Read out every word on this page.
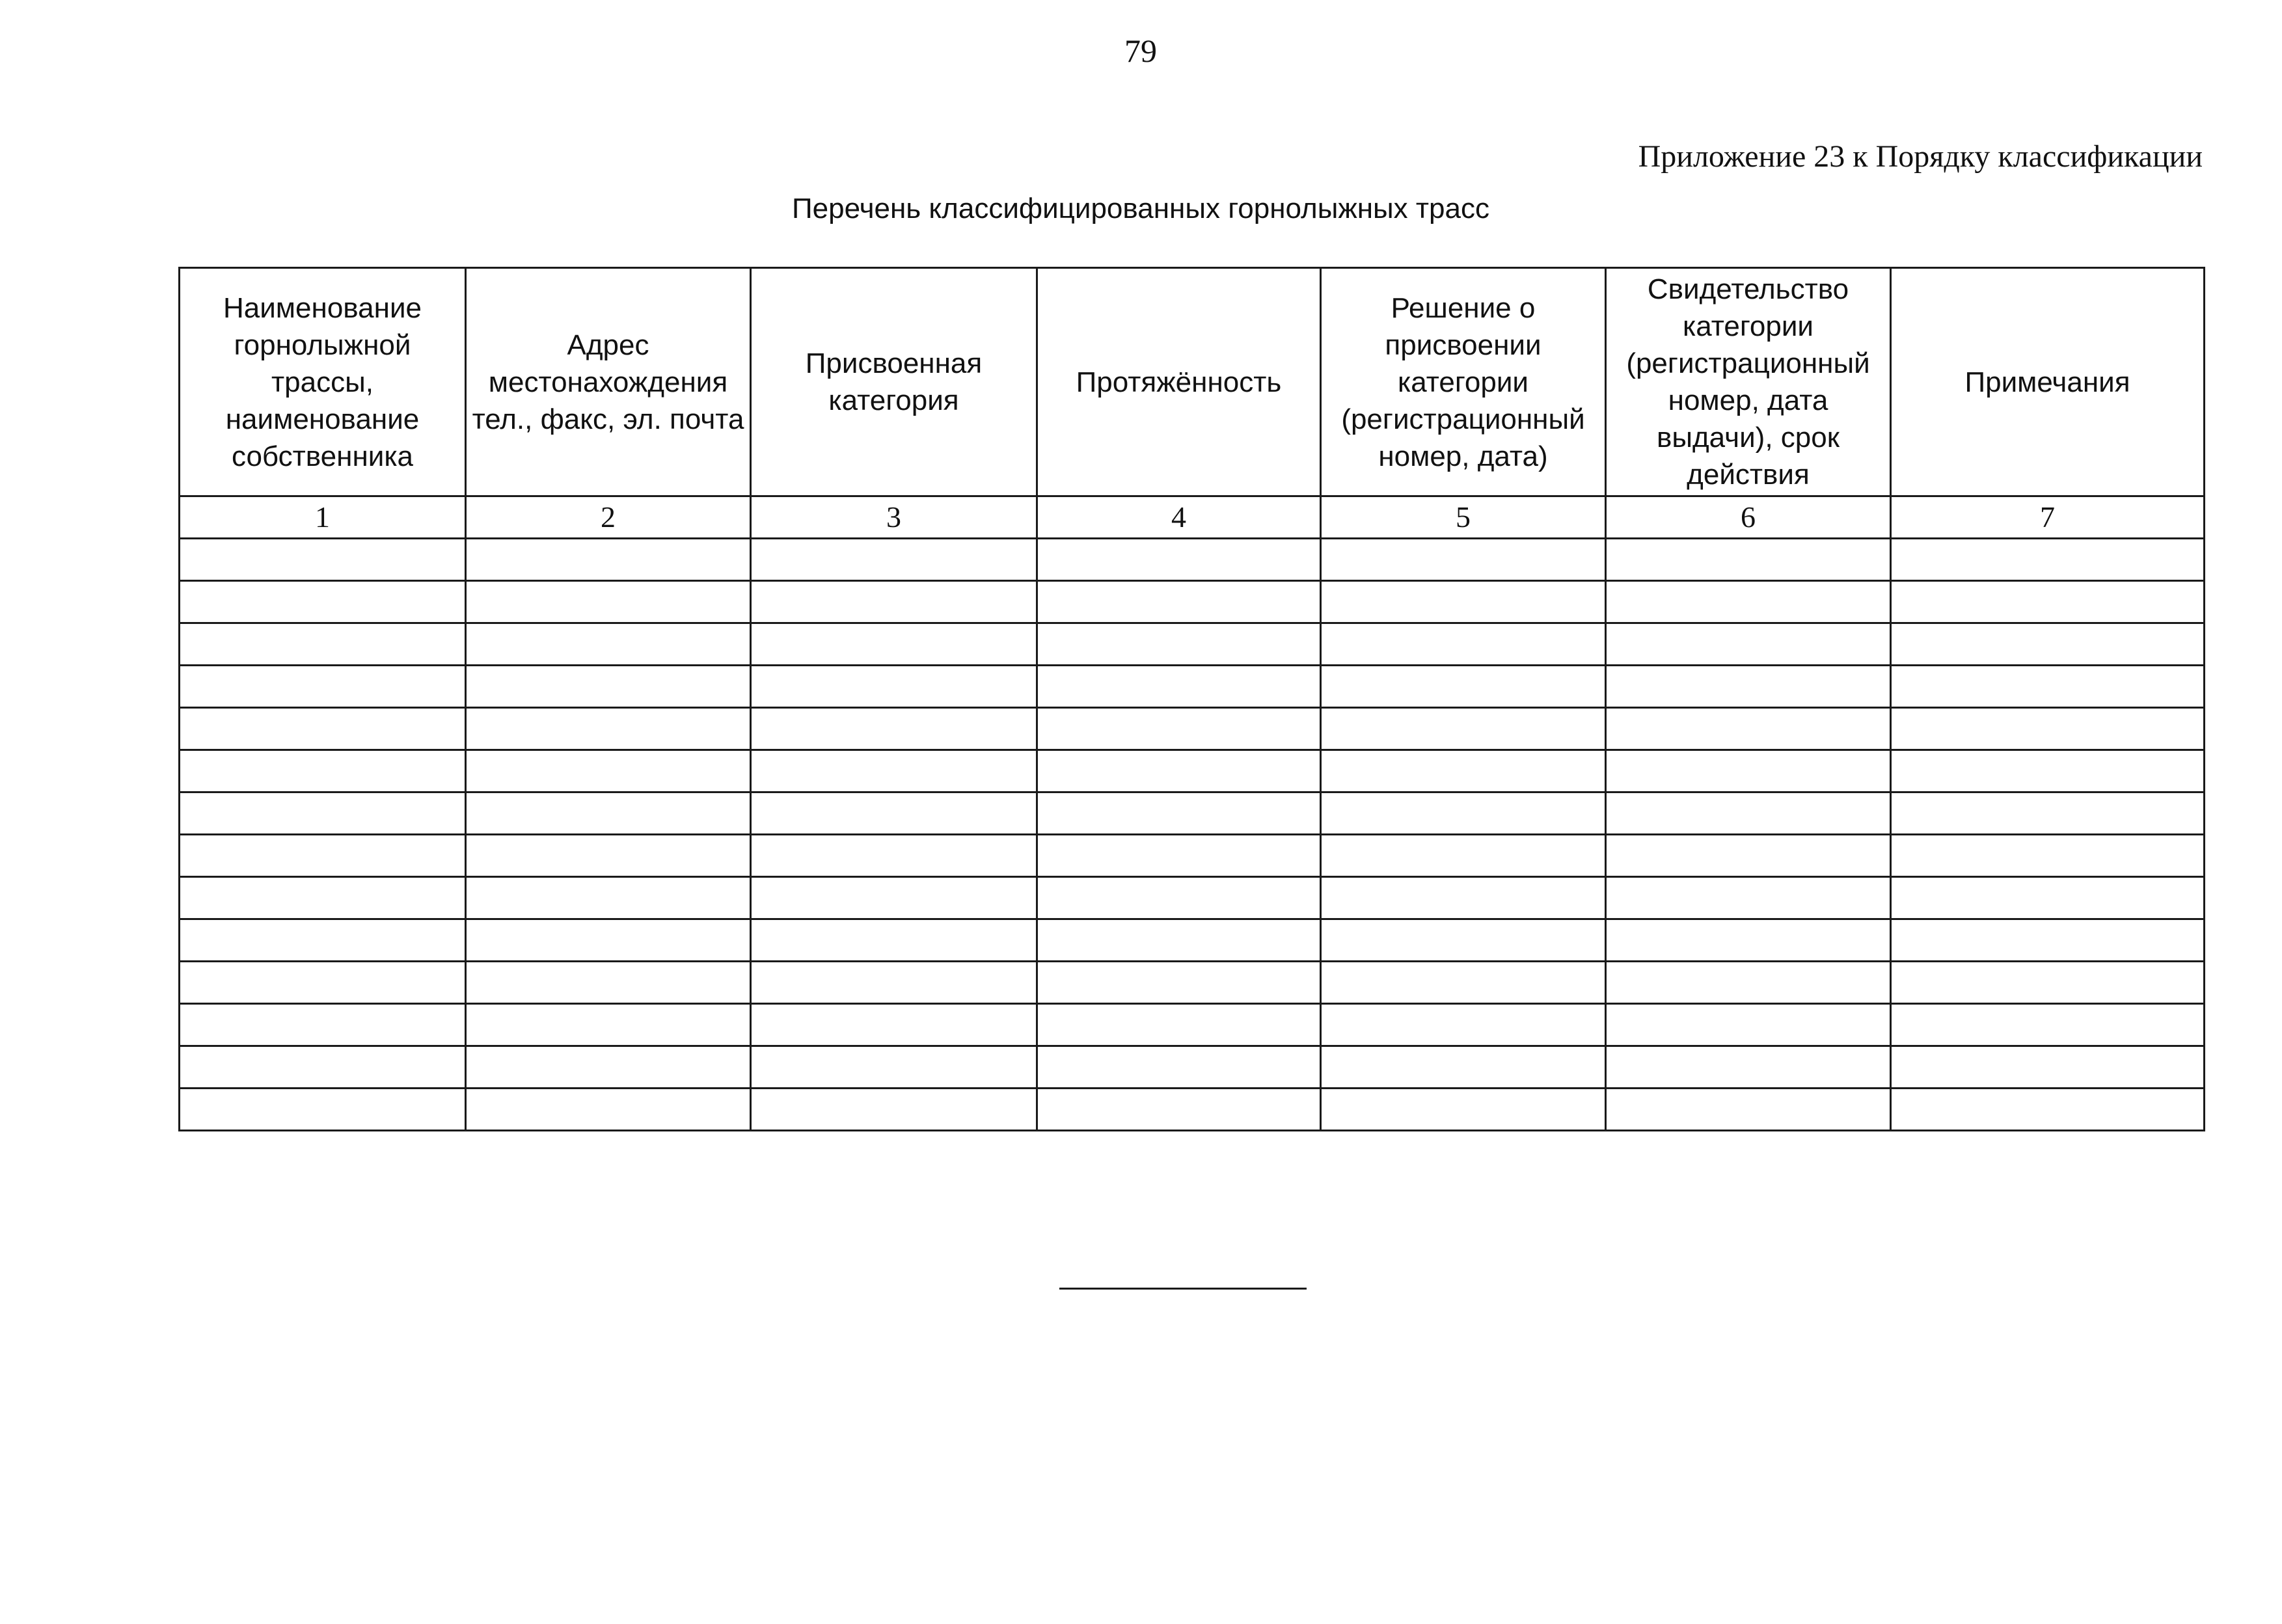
79
Приложение 23 к Порядку классификации
Перечень классифицированных горнолыжных трасс
Наименование горнолыжной трассы, наименование собственника	Адрес местонахождения тел., факс, эл. почта	Присвоенная категория	Протяжённость	Решение о присвоении категории (регистрационный номер, дата)	Свидетельство категории (регистрационный номер, дата выдачи), срок действия	Примечания
1	2	3	4	5	6	7
